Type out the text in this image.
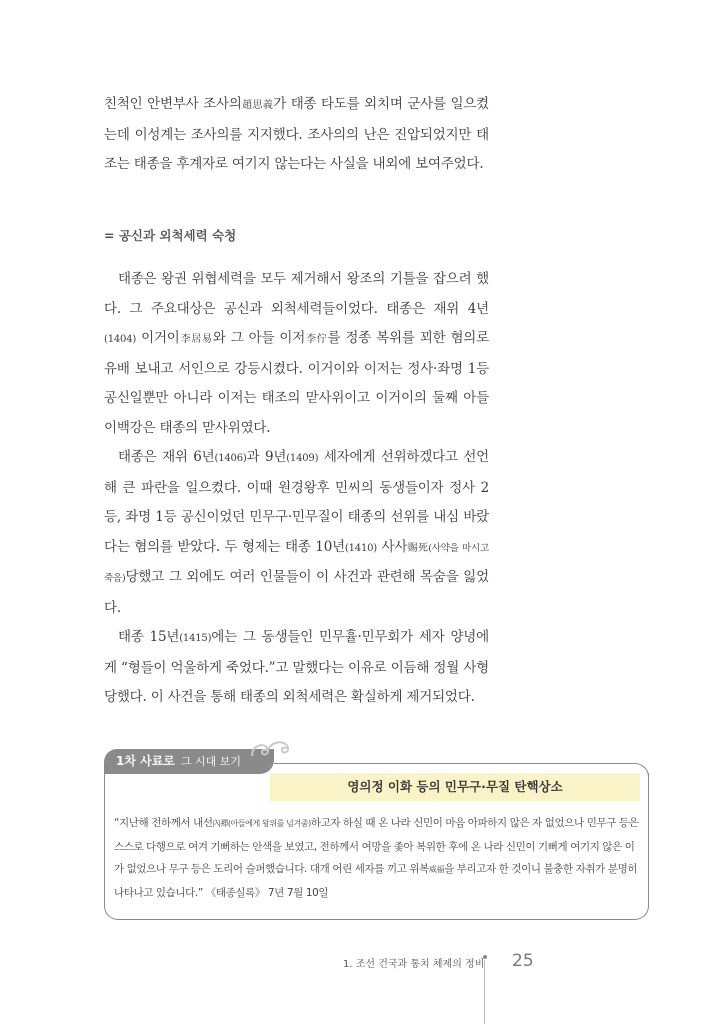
친척인 안변부사 조사의趙思義가 태종 타도를 외치며 군사를 일으켰는데 이성계는 조사의를 지지했다. 조사의의 난은 진압되었지만 태조는 태종을 후계자로 여기지 않는다는 사실을 내외에 보여주었다.
= 공신과 외척세력 숙청
태종은 왕권 위협세력을 모두 제거해서 왕조의 기틀을 잡으려 했다. 그 주요대상은 공신과 외척세력들이었다. 태종은 재위 4년(1404) 이거이李居易와 그 아들 이저李佇를 정종 복위를 꾀한 혐의로 유배 보내고 서인으로 강등시켰다. 이거이와 이저는 정사·좌명 1등공신일뿐만 아니라 이저는 태조의 맏사위이고 이거이의 둘째 아들 이백강은 태종의 맏사위였다.
태종은 재위 6년(1406)과 9년(1409) 세자에게 선위하겠다고 선언해 큰 파란을 일으켰다. 이때 원경왕후 민씨의 동생들이자 정사 2등, 좌명 1등 공신이었던 민무구·민무질이 태종의 선위를 내심 바랐다는 혐의를 받았다. 두 형제는 태종 10년(1410) 사사賜死(사약을 마시고 죽음)당했고 그 외에도 여러 인물들이 이 사건과 관련해 목숨을 잃었다.
태종 15년(1415)에는 그 동생들인 민무휼·민무회가 세자 양녕에게 “형들이 억울하게 죽었다.”고 말했다는 이유로 이듬해 정월 사형당했다. 이 사건을 통해 태종의 외척세력은 확실하게 제거되었다.
1차 사료로 그 시대 보기
영의정 이화 등의 민무구·무질 탄핵상소
“지난해 전하께서 내선內禪(아들에게 왕위를 넘겨줌)하고자 하실 때 온 나라 신민이 마음 아파하지 않은 자 없었으나 민무구 등은 스스로 다행으로 여겨 기뻐하는 안색을 보였고, 전하께서 여망을 좇아 복위한 후에 온 나라 신민이 기뻐게 여기지 않은 이가 없었으나 무구 등은 도리어 슬퍼했습니다. 대개 어린 세자를 끼고 위복威福을 부리고자 한 것이니 불충한 자취가 분명히 나타나고 있습니다.” 《태종실록》 7년 7월 10일
1. 조선 건국과 통치 체제의 정비 25
